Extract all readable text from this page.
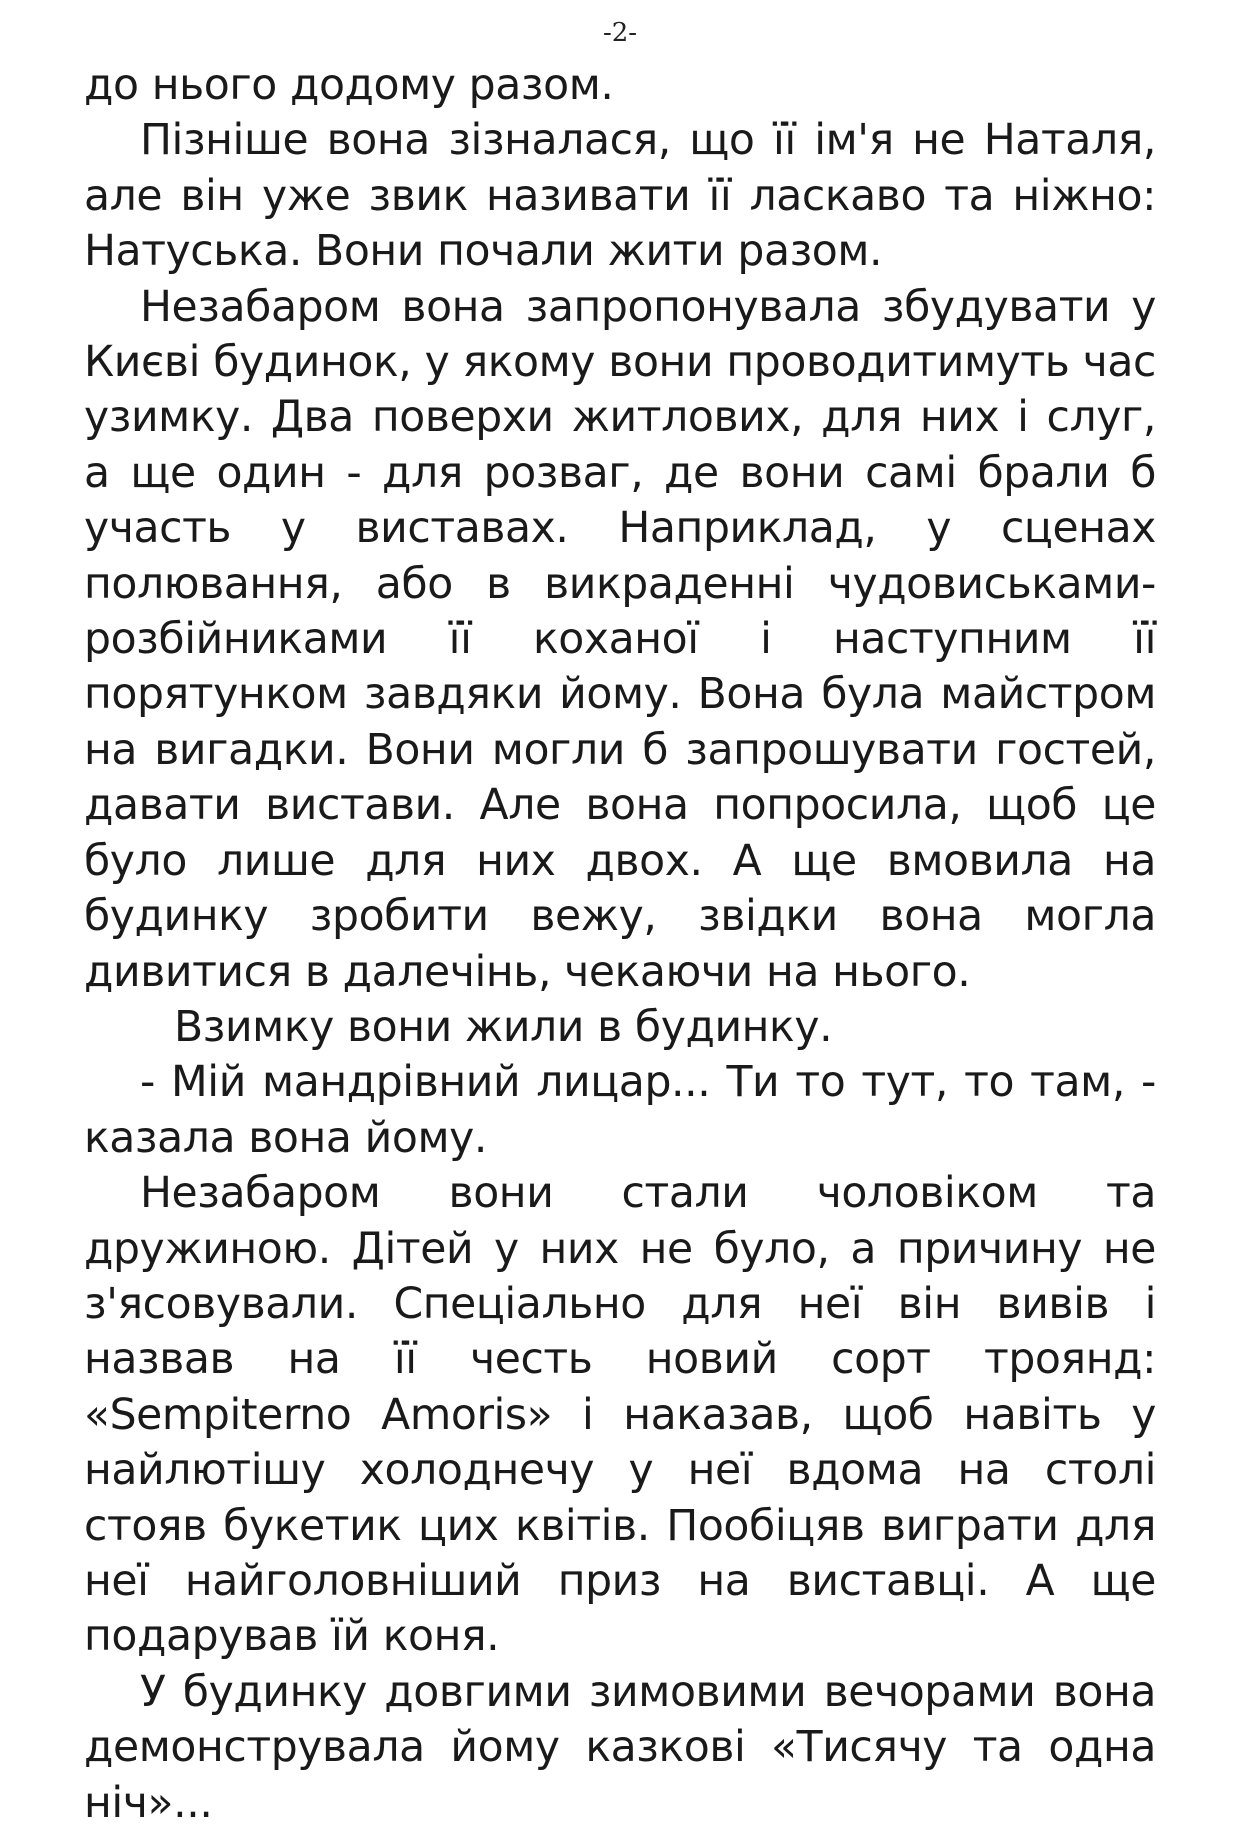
-2-

до нього додому разом.

Пізніше вона зізналася, що її ім'я не Наталя, але він уже звик називати її ласкаво та ніжно: Натуська. Вони почали жити разом.

Незабаром вона запропонувала збудувати у Києві будинок, у якому вони проводитимуть час узимку. Два поверхи житлових, для них і слуг, а ще один - для розваг, де вони самі брали б участь у виставах. Наприклад, у сценах полювання, або в викраденні чудовиськами-розбійниками її коханої і наступним її порятунком завдяки йому. Вона була майстром на вигадки. Вони могли б запрошувати гостей, давати вистави. Але вона попросила, щоб це було лише для них двох. А ще вмовила на будинку зробити вежу, звідки вона могла дивитися в далечінь, чекаючи на нього.

Взимку вони жили в будинку.

- Мій мандрівний лицар... Ти то тут, то там, - казала вона йому.

Незабаром вони стали чоловіком та дружиною. Дітей у них не було, а причину не з'ясовували. Спеціально для неї він вивів і назвав на її честь новий сорт троянд: «Sempiterno Amoris» і наказав, щоб навіть у найлютішу холоднечу у неї вдома на столі стояв букетик цих квітів. Пообіцяв виграти для неї найголовніший приз на виставці. А ще подарував їй коня.

У будинку довгими зимовими вечорами вона демонструвала йому казкові «Тисячу та одна ніч»...
